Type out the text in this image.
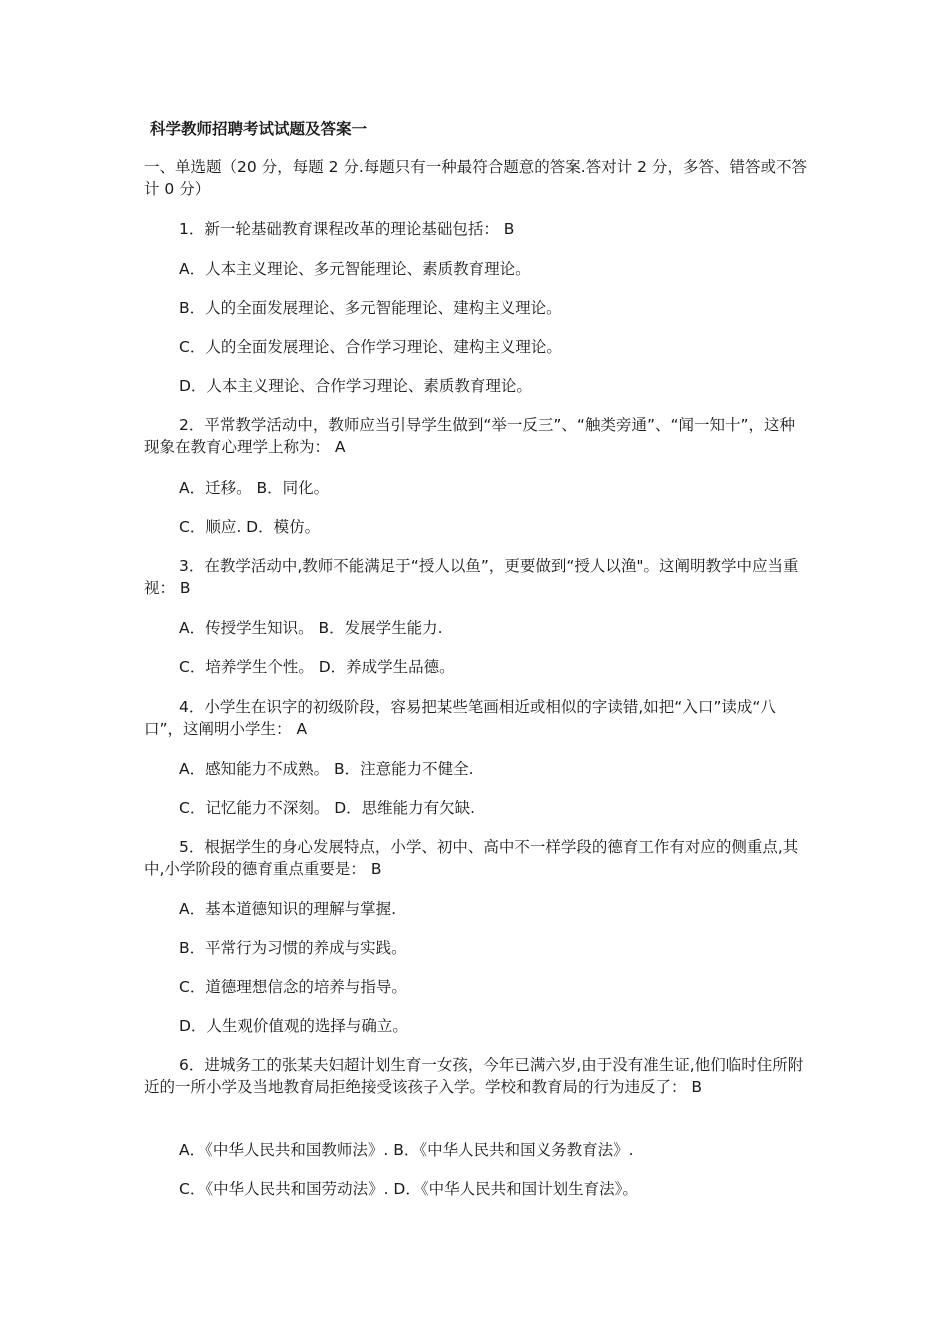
科学教师招聘考试试题及答案一

一、单选题（20 分，每题 2 分.每题只有一种最符合题意的答案.答对计 2 分，多答、错答或不答计 0 分）

1．新一轮基础教育课程改革的理论基础包括： B

A．人本主义理论、多元智能理论、素质教育理论。

B．人的全面发展理论、多元智能理论、建构主义理论。

C．人的全面发展理论、合作学习理论、建构主义理论。

D．人本主义理论、合作学习理论、素质教育理论。

2．平常教学活动中，教师应当引导学生做到“举一反三”、“触类旁通”、“闻一知十”，这种现象在教育心理学上称为： A

A．迁移。 B．同化。

C．顺应. D．模仿。

3．在教学活动中,教师不能满足于“授人以鱼”，更要做到“授人以渔"。这阐明教学中应当重视： B

A．传授学生知识。 B．发展学生能力.

C．培养学生个性。 D．养成学生品德。

4．小学生在识字的初级阶段，容易把某些笔画相近或相似的字读错,如把“入口”读成“八口”，这阐明小学生： A

A．感知能力不成熟。 B．注意能力不健全.

C．记忆能力不深刻。 D．思维能力有欠缺.

5．根据学生的身心发展特点，小学、初中、高中不一样学段的德育工作有对应的侧重点,其中,小学阶段的德育重点重要是： B

A．基本道德知识的理解与掌握.

B．平常行为习惯的养成与实践。

C．道德理想信念的培养与指导。

D．人生观价值观的选择与确立。

6．进城务工的张某夫妇超计划生育一女孩，今年已满六岁,由于没有准生证,他们临时住所附近的一所小学及当地教育局拒绝接受该孩子入学。学校和教育局的行为违反了： B

A．《中华人民共和国教师法》. B．《中华人民共和国义务教育法》.

C．《中华人民共和国劳动法》. D．《中华人民共和国计划生育法》。
